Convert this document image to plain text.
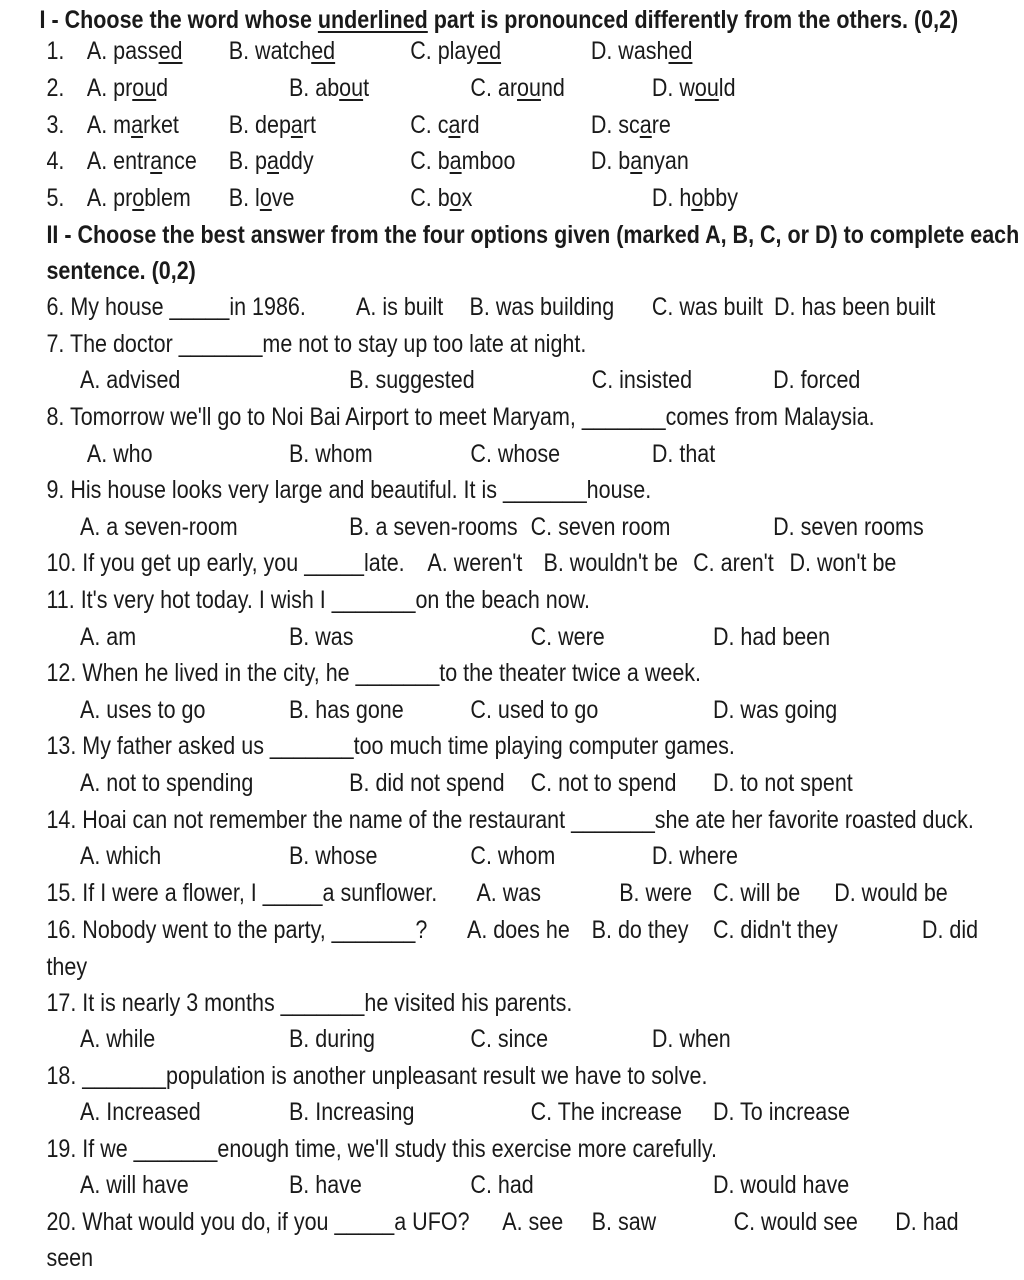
I - Choose the word whose underlined part is pronounced differently from the others. (0,2)
1. A. passed B. watched	C. played	D. washed
2. A. proud	B. about	C. around	D. would
3. A. market B. depart	C. card	D. scare
4. A. entrance B. paddy	C. bamboo	D. banyan
5. A. problem B. love	C. box	D. hobby
II - Choose the best answer from the four options given (marked A, B, C, or D) to complete each
sentence. (0,2)
6. My house _____in 1986. A. is built B. was building C. was built D. has been built
7. The doctor _______me not to stay up too late at night.
A. advised	B. suggested	C. insisted	D. forced
8. Tomorrow we'll go to Noi Bai Airport to meet Maryam, _______comes from Malaysia.
A. who	B. whom	C. whose	D. that
9. His house looks very large and beautiful. It is _______house.
A. a seven-room	B. a seven-rooms C. seven room	D. seven rooms
10. If you get up early, you _____late. A. weren't B. wouldn't be C. aren't D. won't be
11. It's very hot today. I wish I _______on the beach now.
A. am	B. was	C. were	D. had been
12. When he lived in the city, he _______to the theater twice a week.
A. uses to go	B. has gone	C. used to go	D. was going
13. My father asked us _______too much time playing computer games.
A. not to spending	B. did not spend C. not to spend D. to not spent
14. Hoai can not remember the name of the restaurant _______she ate her favorite roasted duck.
A. which	B. whose	C. whom	D. where
15. If I were a flower, I _____a sunflower. A. was	B. were C. will be D. would be
16. Nobody went to the party, _______? A. does he B. do they C. didn't they	D. did
they
17. It is nearly 3 months _______he visited his parents.
A. while	B. during	C. since	D. when
18. _______population is another unpleasant result we have to solve.
A. Increased	B. Increasing	C. The increase D. To increase
19. If we _______enough time, we'll study this exercise more carefully.
A. will have	B. have	C. had	D. would have
20. What would you do, if you _____a UFO? A. see B. saw	C. would see D. had
seen
